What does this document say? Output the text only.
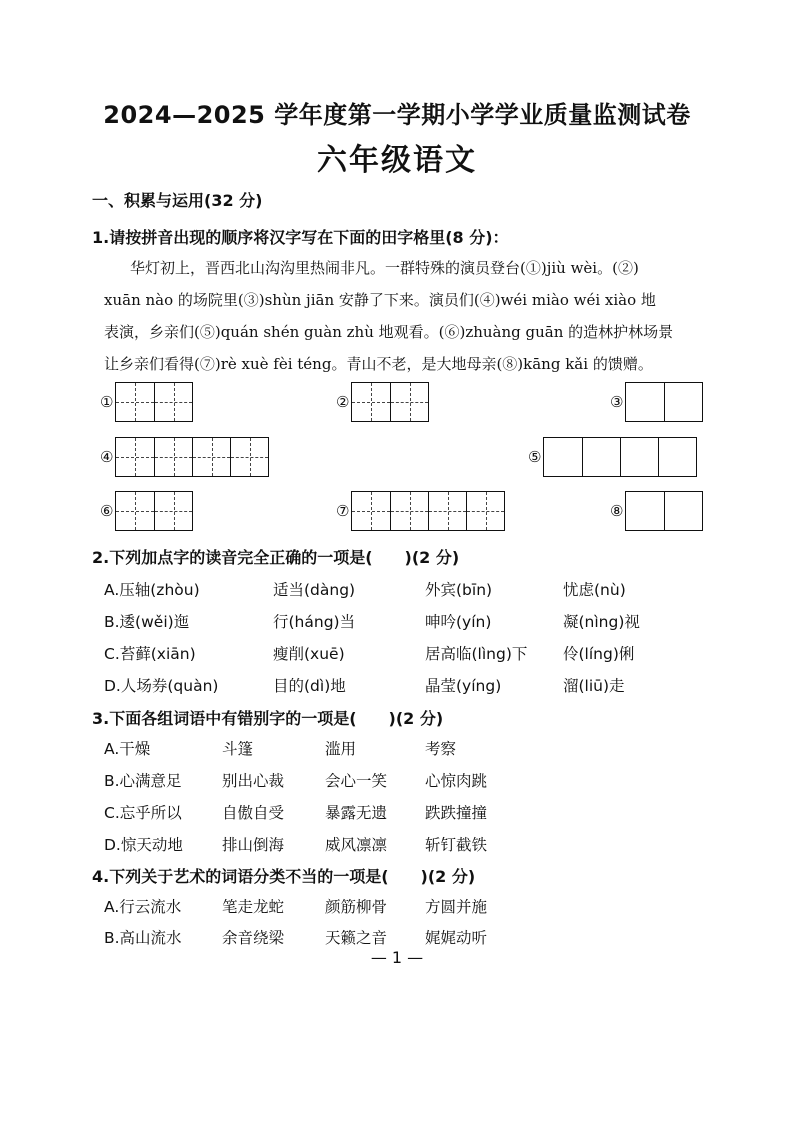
2024—2025 学年度第一学期小学学业质量监测试卷
六年级语文
一、积累与运用(32 分)
1.请按拼音出现的顺序将汉字写在下面的田字格里(8 分)：
华灯初上，晋西北山沟沟里热闹非凡。一群特殊的演员登台(①)jiù wèi。(②)
xuān nào 的场院里(③)shùn jiān 安静了下来。演员们(④)wéi miào wéi xiào 地
表演，乡亲们(⑤)quán shén guàn zhù 地观看。(⑥)zhuàng guān 的造林护林场景
让乡亲们看得(⑦)rè xuè fèi téng。青山不老，是大地母亲(⑧)kāng kǎi 的馈赠。
①	②	③
④	⑤
⑥	⑦	⑧
2.下列加点字的读音完全正确的一项是(　　)(2 分)
A.压轴(zhòu)	适当(dàng)	外宾(bīn)	忧虑(nù)
B.逶(wěi)迤	行(háng)当	呻吟(yín)	凝(nìng)视
C.苔藓(xiān)	瘦削(xuē)	居高临(lìng)下 伶(líng)俐
D.人场券(quàn)	目的(dì)地	晶莹(yíng)	溜(liū)走
3.下面各组词语中有错别字的一项是(　　)(2 分)
A.干燥	斗篷	滥用	考察
B.心满意足	别出心裁	会心一笑 心惊肉跳
C.忘乎所以	自傲自受	暴露无遗 跌跌撞撞
D.惊天动地	排山倒海	威风凛凛 斩钉截铁
4.下列关于艺术的词语分类不当的一项是(　　)(2 分)
A.行云流水	笔走龙蛇	颜筋柳骨 方圆并施
B.高山流水	余音绕梁	天籁之音 娓娓动听
— 1 —
